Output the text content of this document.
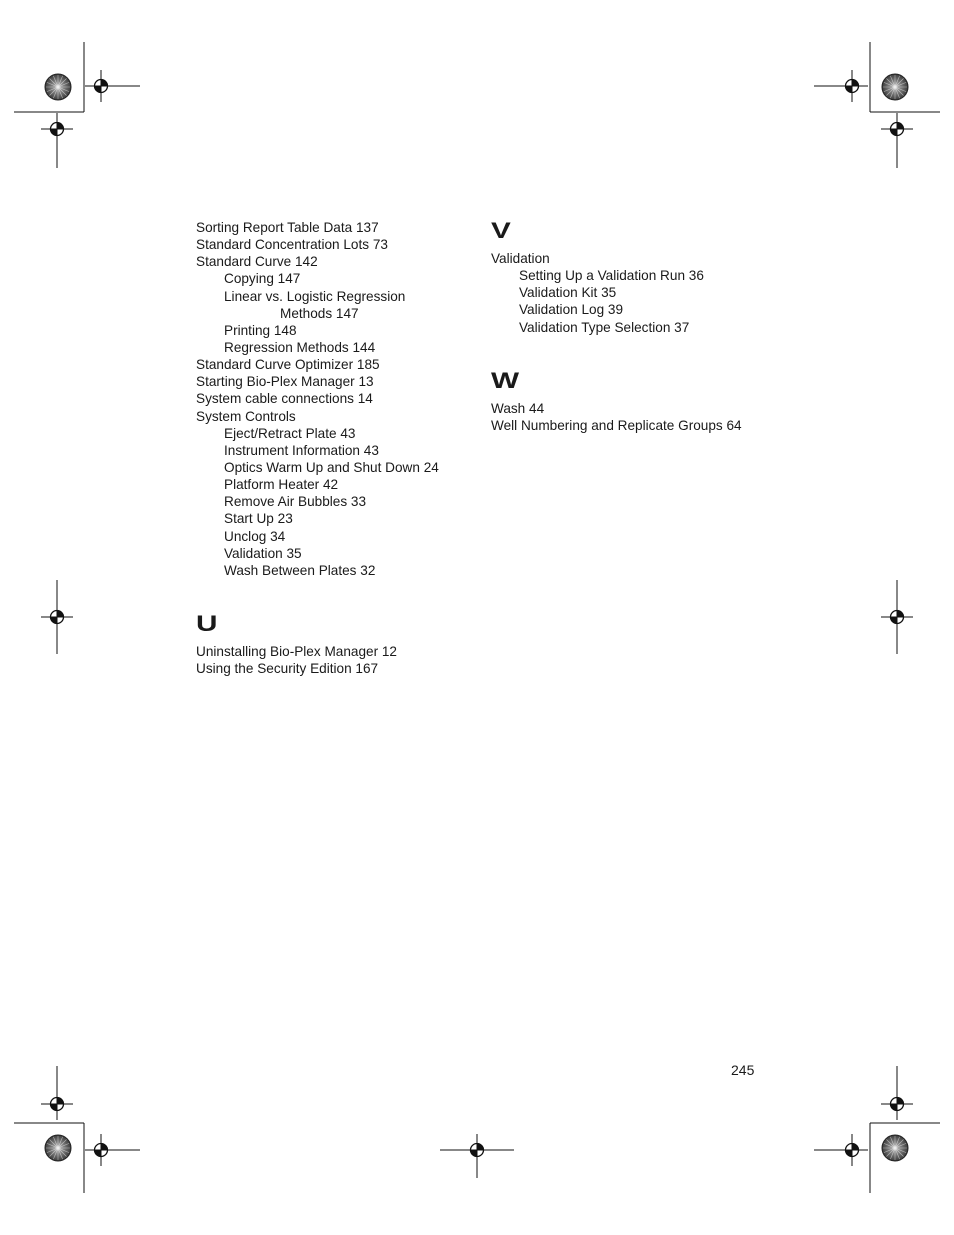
Sorting Report Table Data 137
Standard Concentration Lots 73
Standard Curve 142
Copying 147
Linear vs. Logistic Regression
Methods 147
Printing 148
Regression Methods 144
Standard Curve Optimizer 185
Starting Bio-Plex Manager 13
System cable connections 14
System Controls
Eject/Retract Plate 43
Instrument Information 43
Optics Warm Up and Shut Down 24
Platform Heater 42
Remove Air Bubbles 33
Start Up 23
Unclog 34
Validation 35
Wash Between Plates 32
U
Uninstalling Bio-Plex Manager 12
Using the Security Edition 167
V
Validation
Setting Up a Validation Run 36
Validation Kit 35
Validation Log 39
Validation Type Selection 37
W
Wash 44
Well Numbering and Replicate Groups 64
245
